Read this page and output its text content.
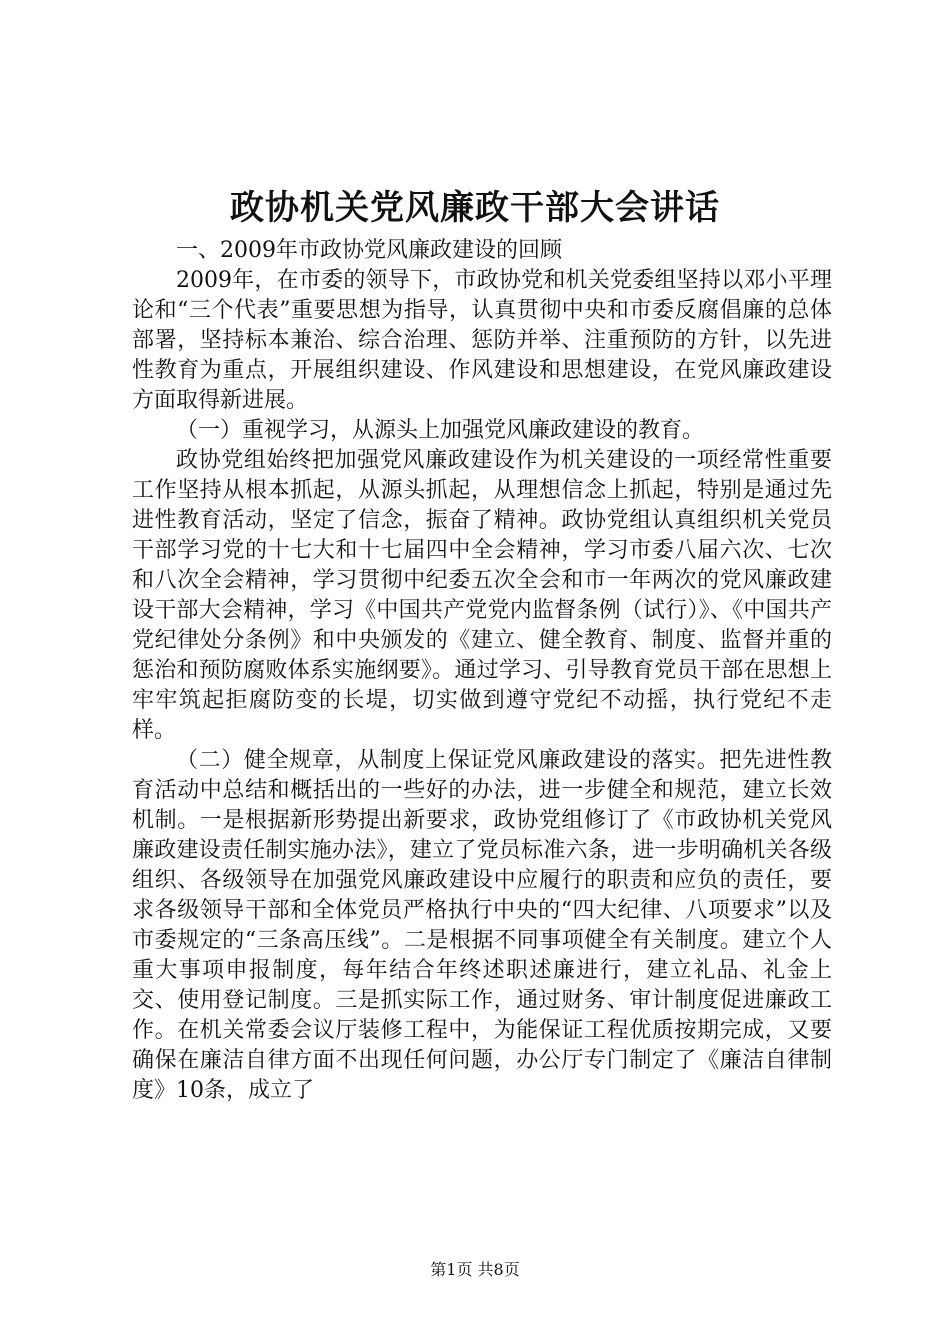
政协机关党风廉政干部大会讲话

一、2009年市政协党风廉政建设的回顾

2009年，在市委的领导下，市政协党和机关党委组坚持以邓小平理论和“三个代表”重要思想为指导，认真贯彻中央和市委反腐倡廉的总体部署，坚持标本兼治、综合治理、惩防并举、注重预防的方针，以先进性教育为重点，开展组织建设、作风建设和思想建设，在党风廉政建设方面取得新进展。

（一）重视学习，从源头上加强党风廉政建设的教育。

政协党组始终把加强党风廉政建设作为机关建设的一项经常性重要工作坚持从根本抓起，从源头抓起，从理想信念上抓起，特别是通过先进性教育活动，坚定了信念，振奋了精神。政协党组认真组织机关党员干部学习党的十七大和十七届四中全会精神，学习市委八届六次、七次和八次全会精神，学习贯彻中纪委五次全会和市一年两次的党风廉政建设干部大会精神，学习《中国共产党党内监督条例（试行）》、《中国共产党纪律处分条例》和中央颁发的《建立、健全教育、制度、监督并重的惩治和预防腐败体系实施纲要》。通过学习、引导教育党员干部在思想上牢牢筑起拒腐防变的长堤，切实做到遵守党纪不动摇，执行党纪不走样。

（二）健全规章，从制度上保证党风廉政建设的落实。把先进性教育活动中总结和概括出的一些好的办法，进一步健全和规范，建立长效机制。一是根据新形势提出新要求，政协党组修订了《市政协机关党风廉政建设责任制实施办法》，建立了党员标准六条，进一步明确机关各级组织、各级领导在加强党风廉政建设中应履行的职责和应负的责任，要求各级领导干部和全体党员严格执行中央的“四大纪律、八项要求”以及市委规定的“三条高压线”。二是根据不同事项健全有关制度。建立个人重大事项申报制度，每年结合年终述职述廉进行，建立礼品、礼金上交、使用登记制度。三是抓实际工作，通过财务、审计制度促进廉政工作。在机关常委会议厅装修工程中，为能保证工程优质按期完成，又要确保在廉洁自律方面不出现任何问题，办公厅专门制定了《廉洁自律制度》10条，成立了

第1页 共8页
